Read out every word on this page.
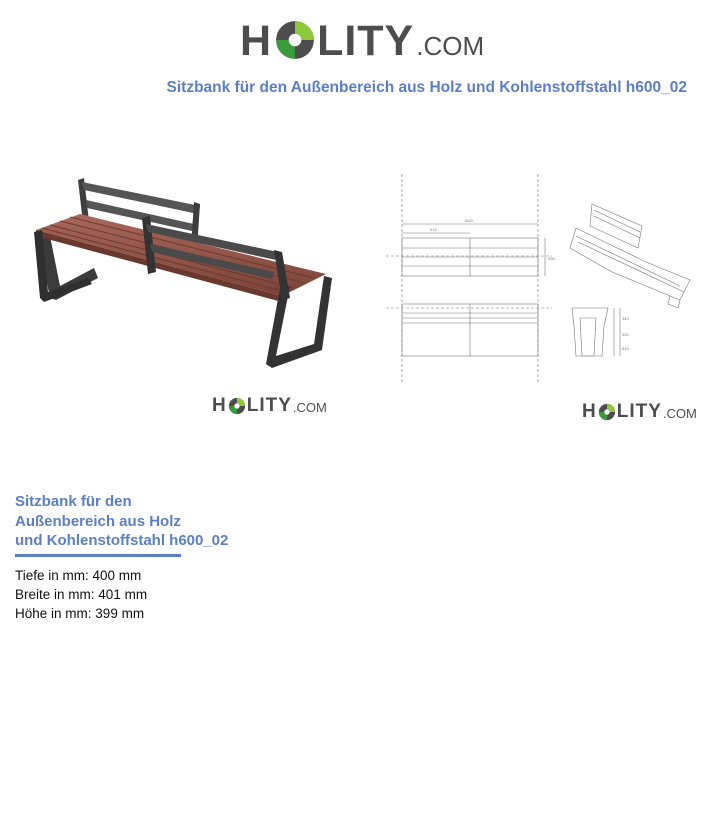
H LITY .COM
Sitzbank für den Außenbereich aus Holz und Kohlenstoffstahl h600_02
H LITY .COM
1820
915
500
340
400
810
H LITY .COM
Sitzbank für den
Außenbereich aus Holz
und Kohlenstoffstahl h600_02
Tiefe in mm: 400 mm
Breite in mm: 401 mm
Höhe in mm: 399 mm
